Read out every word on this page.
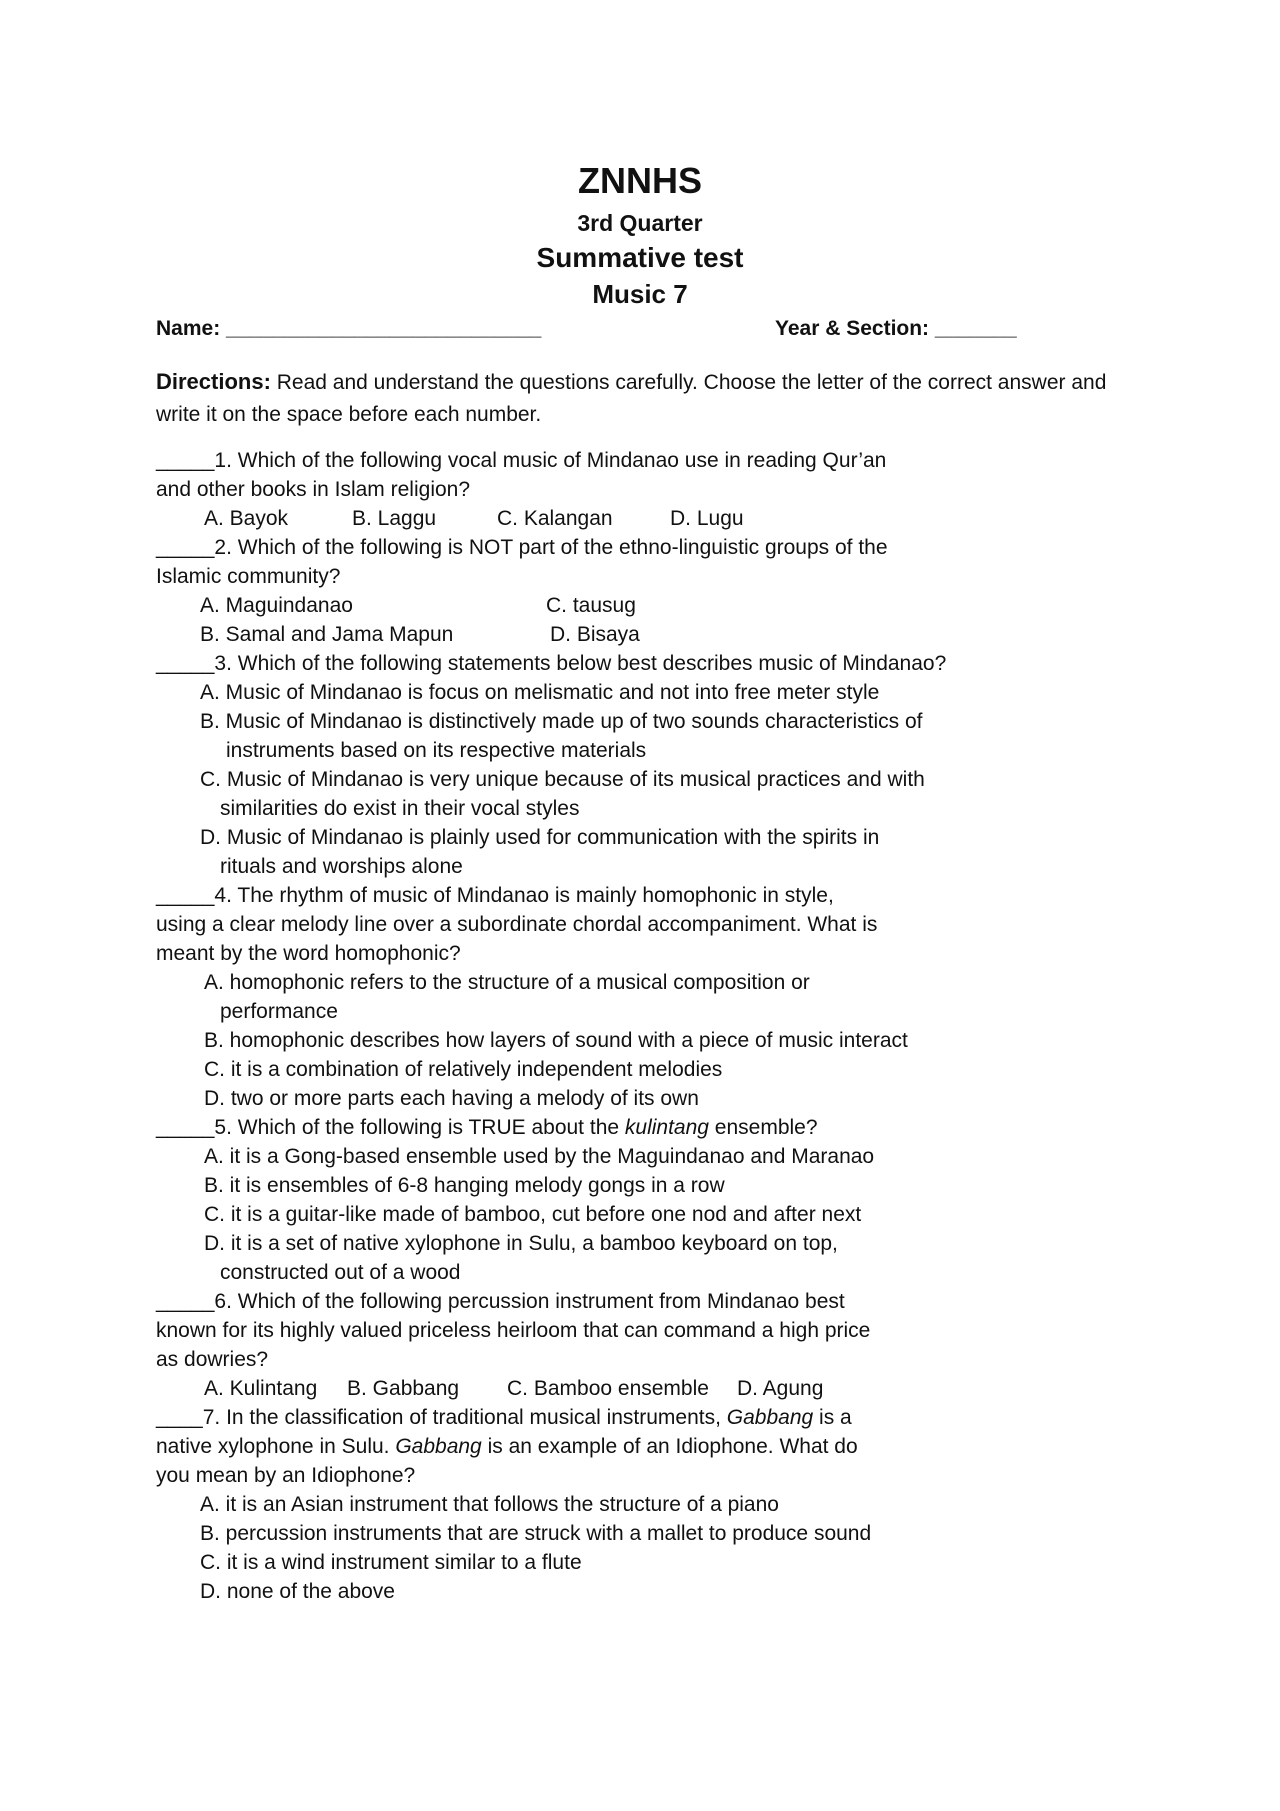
ZNNHS
3rd Quarter
Summative test
Music 7
Name: ___________________________	Year & Section: _______
Directions: Read and understand the questions carefully. Choose the letter of the correct answer and write it on the space before each number.
_____1. Which of the following vocal music of Mindanao use in reading Qur’an
and other books in Islam religion?
A. Bayok	B. Laggu	C. Kalangan	D. Lugu
_____2. Which of the following is NOT part of the ethno-linguistic groups of the
Islamic community?
A. Maguindanao	C. tausug
B. Samal and Jama Mapun	D. Bisaya
_____3. Which of the following statements below best describes music of Mindanao?
A. Music of Mindanao is focus on melismatic and not into free meter style
B. Music of Mindanao is distinctively made up of two sounds characteristics of
instruments based on its respective materials
C. Music of Mindanao is very unique because of its musical practices and with
similarities do exist in their vocal styles
D. Music of Mindanao is plainly used for communication with the spirits in
rituals and worships alone
_____4. The rhythm of music of Mindanao is mainly homophonic in style,
using a clear melody line over a subordinate chordal accompaniment. What is
meant by the word homophonic?
A. homophonic refers to the structure of a musical composition or
performance
B. homophonic describes how layers of sound with a piece of music interact
C. it is a combination of relatively independent melodies
D. two or more parts each having a melody of its own
_____5. Which of the following is TRUE about the kulintang ensemble?
A. it is a Gong-based ensemble used by the Maguindanao and Maranao
B. it is ensembles of 6-8 hanging melody gongs in a row
C. it is a guitar-like made of bamboo, cut before one nod and after next
D. it is a set of native xylophone in Sulu, a bamboo keyboard on top,
constructed out of a wood
_____6. Which of the following percussion instrument from Mindanao best
known for its highly valued priceless heirloom that can command a high price
as dowries?
A. Kulintang B. Gabbang C. Bamboo ensemble D. Agung
____7. In the classification of traditional musical instruments, Gabbang is a
native xylophone in Sulu. Gabbang is an example of an Idiophone. What do
you mean by an Idiophone?
A. it is an Asian instrument that follows the structure of a piano
B. percussion instruments that are struck with a mallet to produce sound
C. it is a wind instrument similar to a flute
D. none of the above
